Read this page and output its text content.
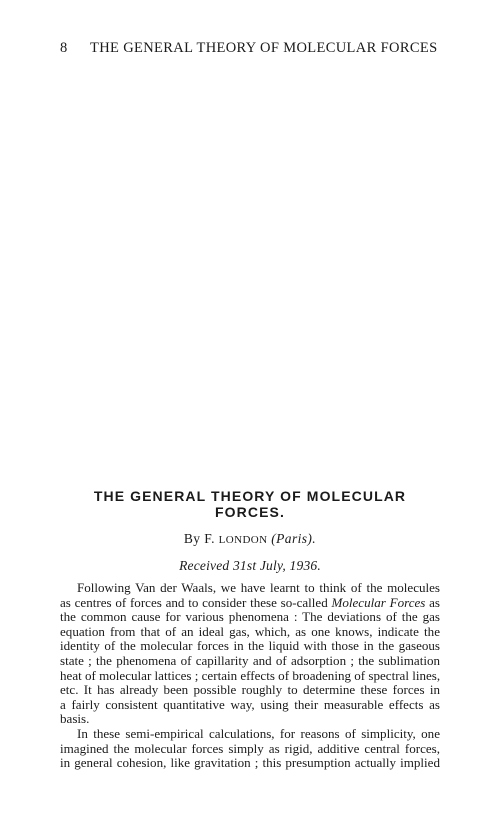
8 THE GENERAL THEORY OF MOLECULAR FORCES
THE GENERAL THEORY OF MOLECULAR
FORCES.
By F. LONDON (Paris).
Received 31st July, 1936.
Following Van der Waals, we have learnt to think of the molecules
as centres of forces and to consider these so-called Molecular Forces as
the common cause for various phenomena : The deviations of the gas
equation from that of an ideal gas, which, as one knows, indicate the
identity of the molecular forces in the liquid with those in the gaseous
state ; the phenomena of capillarity and of adsorption ; the sublimation
heat of molecular lattices ; certain effects of broadening of spectral lines,
etc. It has already been possible roughly to determine these forces in
a fairly consistent quantitative way, using their measurable effects as
basis.
In these semi-empirical calculations, for reasons of simplicity, one
imagined the molecular forces simply as rigid, additive central forces,
in general cohesion, like gravitation ; this presumption actually implied
